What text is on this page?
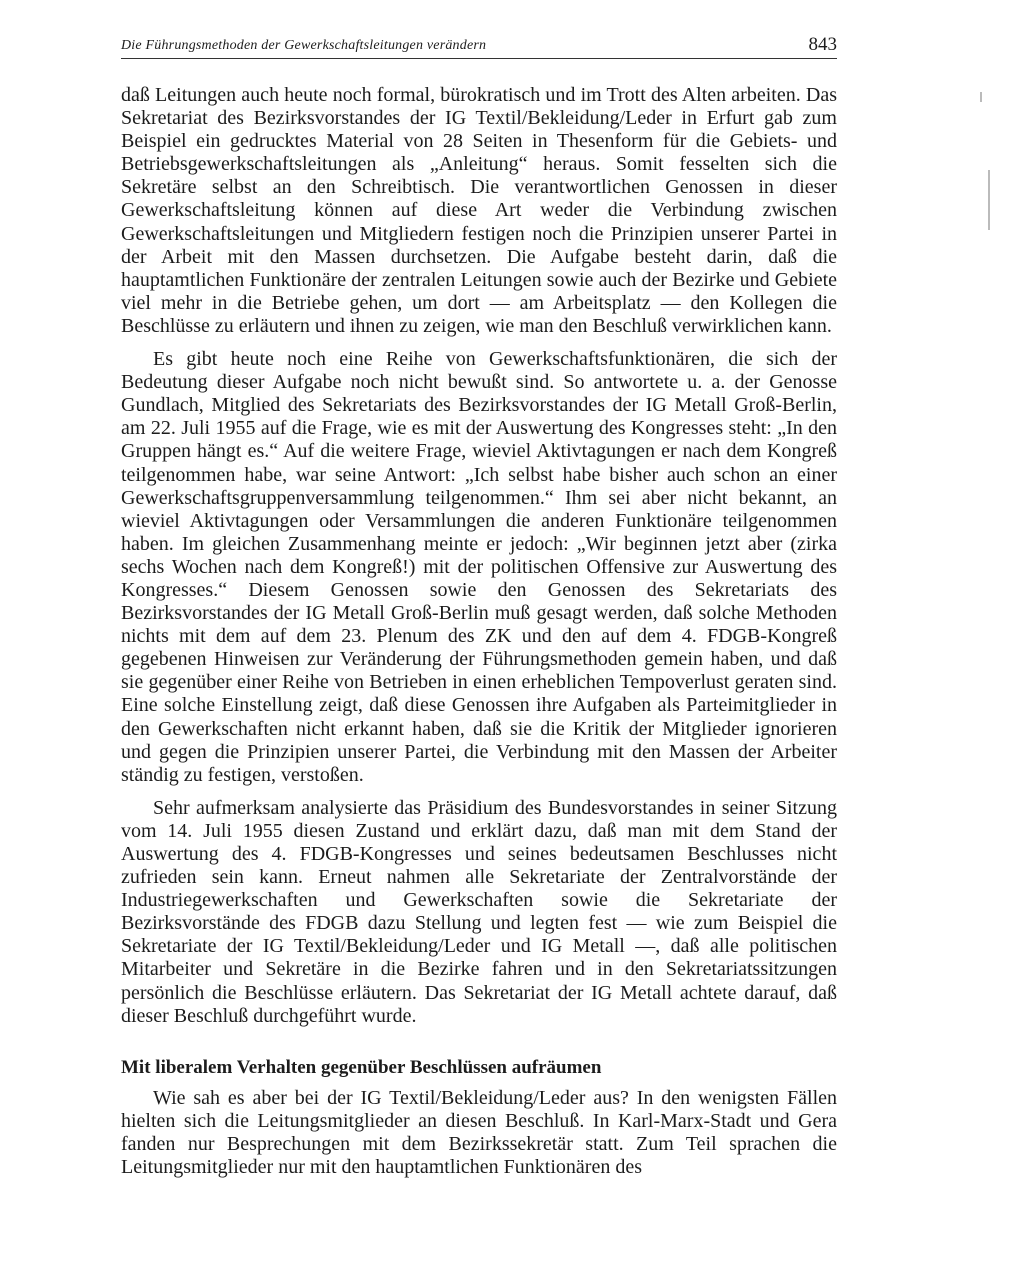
Die Führungsmethoden der Gewerkschaftsleitungen verändern	843

daß Leitungen auch heute noch formal, bürokratisch und im Trott des Alten arbeiten. Das Sekretariat des Bezirksvorstandes der IG Textil/Bekleidung/Leder in Erfurt gab zum Beispiel ein gedrucktes Material von 28 Seiten in Thesenform für die Gebiets- und Betriebsgewerkschaftsleitungen als „Anleitung“ heraus. Somit fesselten sich die Sekretäre selbst an den Schreibtisch. Die verantwortlichen Genossen in dieser Gewerkschaftsleitung können auf diese Art weder die Verbindung zwischen Gewerkschaftsleitungen und Mitgliedern festigen noch die Prinzipien unserer Partei in der Arbeit mit den Massen durchsetzen. Die Aufgabe besteht darin, daß die hauptamtlichen Funktionäre der zentralen Leitungen sowie auch der Bezirke und Gebiete viel mehr in die Betriebe gehen, um dort — am Arbeitsplatz — den Kollegen die Beschlüsse zu erläutern und ihnen zu zeigen, wie man den Beschluß verwirklichen kann.

Es gibt heute noch eine Reihe von Gewerkschaftsfunktionären, die sich der Bedeutung dieser Aufgabe noch nicht bewußt sind. So antwortete u. a. der Genosse Gundlach, Mitglied des Sekretariats des Bezirksvorstandes der IG Metall Groß-Berlin, am 22. Juli 1955 auf die Frage, wie es mit der Auswertung des Kongresses steht: „In den Gruppen hängt es.“ Auf die weitere Frage, wieviel Aktivtagungen er nach dem Kongreß teilgenommen habe, war seine Antwort: „Ich selbst habe bisher auch schon an einer Gewerkschaftsgruppenversammlung teilgenommen.“ Ihm sei aber nicht bekannt, an wieviel Aktivtagungen oder Versammlungen die anderen Funktionäre teilgenommen haben. Im gleichen Zusammenhang meinte er jedoch: „Wir beginnen jetzt aber (zirka sechs Wochen nach dem Kongreß!) mit der politischen Offensive zur Auswertung des Kongresses.“ Diesem Genossen sowie den Genossen des Sekretariats des Bezirksvorstandes der IG Metall Groß-Berlin muß gesagt werden, daß solche Methoden nichts mit dem auf dem 23. Plenum des ZK und den auf dem 4. FDGB-Kongreß gegebenen Hinweisen zur Veränderung der Führungsmethoden gemein haben, und daß sie gegenüber einer Reihe von Betrieben in einen erheblichen Tempoverlust geraten sind. Eine solche Einstellung zeigt, daß diese Genossen ihre Aufgaben als Parteimitglieder in den Gewerkschaften nicht erkannt haben, daß sie die Kritik der Mitglieder ignorieren und gegen die Prinzipien unserer Partei, die Verbindung mit den Massen der Arbeiter ständig zu festigen, verstoßen.

Sehr aufmerksam analysierte das Präsidium des Bundesvorstandes in seiner Sitzung vom 14. Juli 1955 diesen Zustand und erklärt dazu, daß man mit dem Stand der Auswertung des 4. FDGB-Kongresses und seines bedeutsamen Beschlusses nicht zufrieden sein kann. Erneut nahmen alle Sekretariate der Zentralvorstände der Industriegewerkschaften und Gewerkschaften sowie die Sekretariate der Bezirksvorstände des FDGB dazu Stellung und legten fest — wie zum Beispiel die Sekretariate der IG Textil/Bekleidung/Leder und IG Metall —, daß alle politischen Mitarbeiter und Sekretäre in die Bezirke fahren und in den Sekretariatssitzungen persönlich die Beschlüsse erläutern. Das Sekretariat der IG Metall achtete darauf, daß dieser Beschluß durchgeführt wurde.

Mit liberalem Verhalten gegenüber Beschlüssen aufräumen

Wie sah es aber bei der IG Textil/Bekleidung/Leder aus? In den wenigsten Fällen hielten sich die Leitungsmitglieder an diesen Beschluß. In Karl-Marx-Stadt und Gera fanden nur Besprechungen mit dem Bezirkssekretär statt. Zum Teil sprachen die Leitungsmitglieder nur mit den hauptamtlichen Funktionären des
